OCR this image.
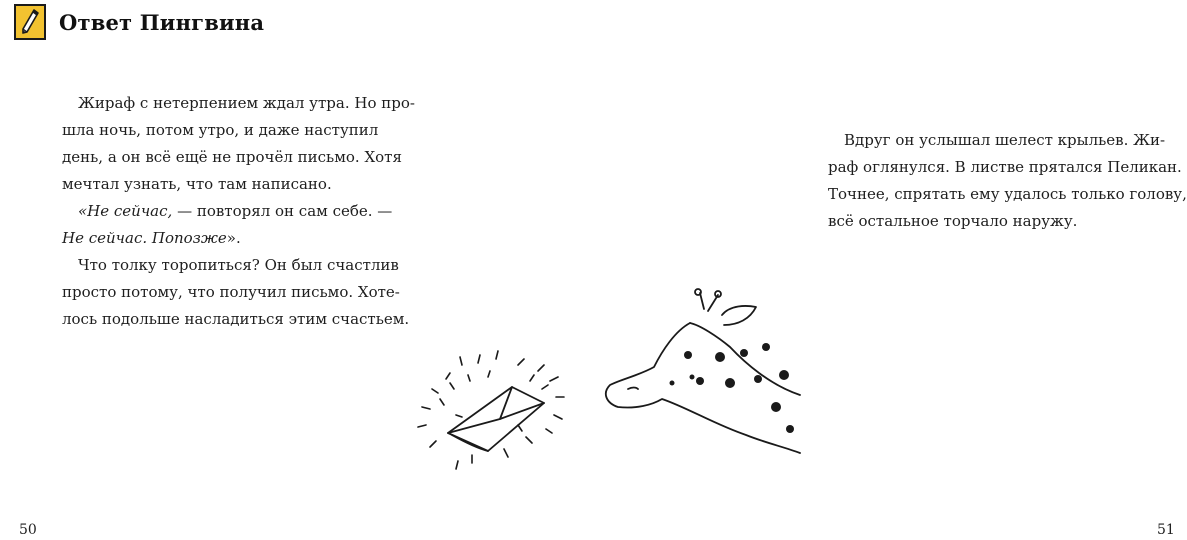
Ответ Пингвина
Жираф с нетерпением ждал утра. Но про-
шла ночь, потом утро, и даже наступил
день, а он всё ещё не прочёл письмо. Хотя
мечтал узнать, что там написано.
«Не сейчас, — повторял он сам себе. —
Не сейчас. Попозже».
Что толку торопиться? Он был счастлив
просто потому, что получил письмо. Хоте-
лось подольше насладиться этим счастьем.
50
Вдруг он услышал шелест крыльев. Жи-
раф оглянулся. В листве прятался Пеликан.
Точнее, спрятать ему удалось только голову,
всё остальное торчало наружу.
51
